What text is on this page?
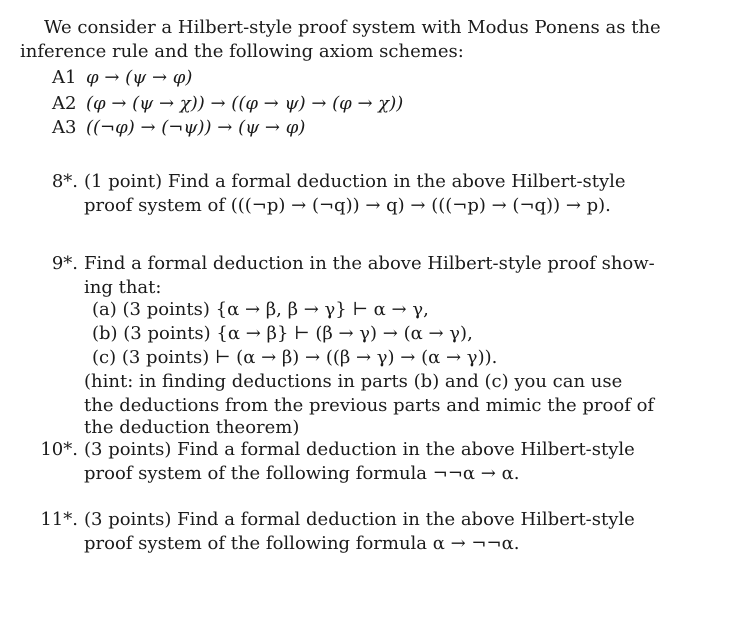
We consider a Hilbert-style proof system with Modus Ponens as the
inference rule and the following axiom schemes:
A1 φ → (ψ → φ)
A2 (φ → (ψ → χ)) → ((φ → ψ) → (φ → χ))
A3 ((¬φ) → (¬ψ)) → (ψ → φ)
8*. (1 point) Find a formal deduction in the above Hilbert-style
proof system of (((¬p) → (¬q)) → q) → (((¬p) → (¬q)) → p).
9*. Find a formal deduction in the above Hilbert-style proof show-
ing that:
(a) (3 points) {α → β, β → γ} ⊢ α → γ,
(b) (3 points) {α → β} ⊢ (β → γ) → (α → γ),
(c) (3 points) ⊢ (α → β) → ((β → γ) → (α → γ)).
(hint: in finding deductions in parts (b) and (c) you can use
the deductions from the previous parts and mimic the proof of
the deduction theorem)
10*. (3 points) Find a formal deduction in the above Hilbert-style
proof system of the following formula ¬¬α → α.
11*. (3 points) Find a formal deduction in the above Hilbert-style
proof system of the following formula α → ¬¬α.
